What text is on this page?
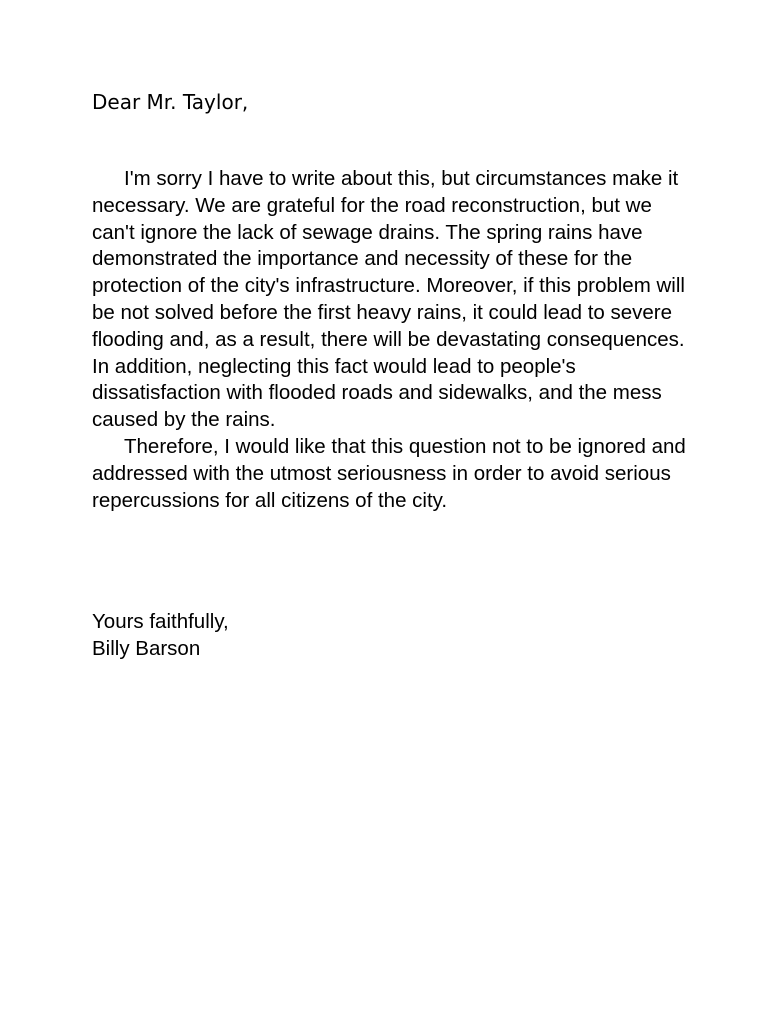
Dear Mr. Taylor,

I'm sorry I have to write about this, but circumstances make it necessary. We are grateful for the road reconstruction, but we can't ignore the lack of sewage drains. The spring rains have demonstrated the importance and necessity of these for the protection of the city's infrastructure. Moreover, if this problem will be not solved before the first heavy rains, it could lead to severe flooding and, as a result, there will be devastating consequences. In addition, neglecting this fact would lead to people's dissatisfaction with flooded roads and sidewalks, and the mess caused by the rains.

Therefore, I would like that this question not to be ignored and addressed with the utmost seriousness in order to avoid serious repercussions for all citizens of the city.

Yours faithfully,
Billy Barson
